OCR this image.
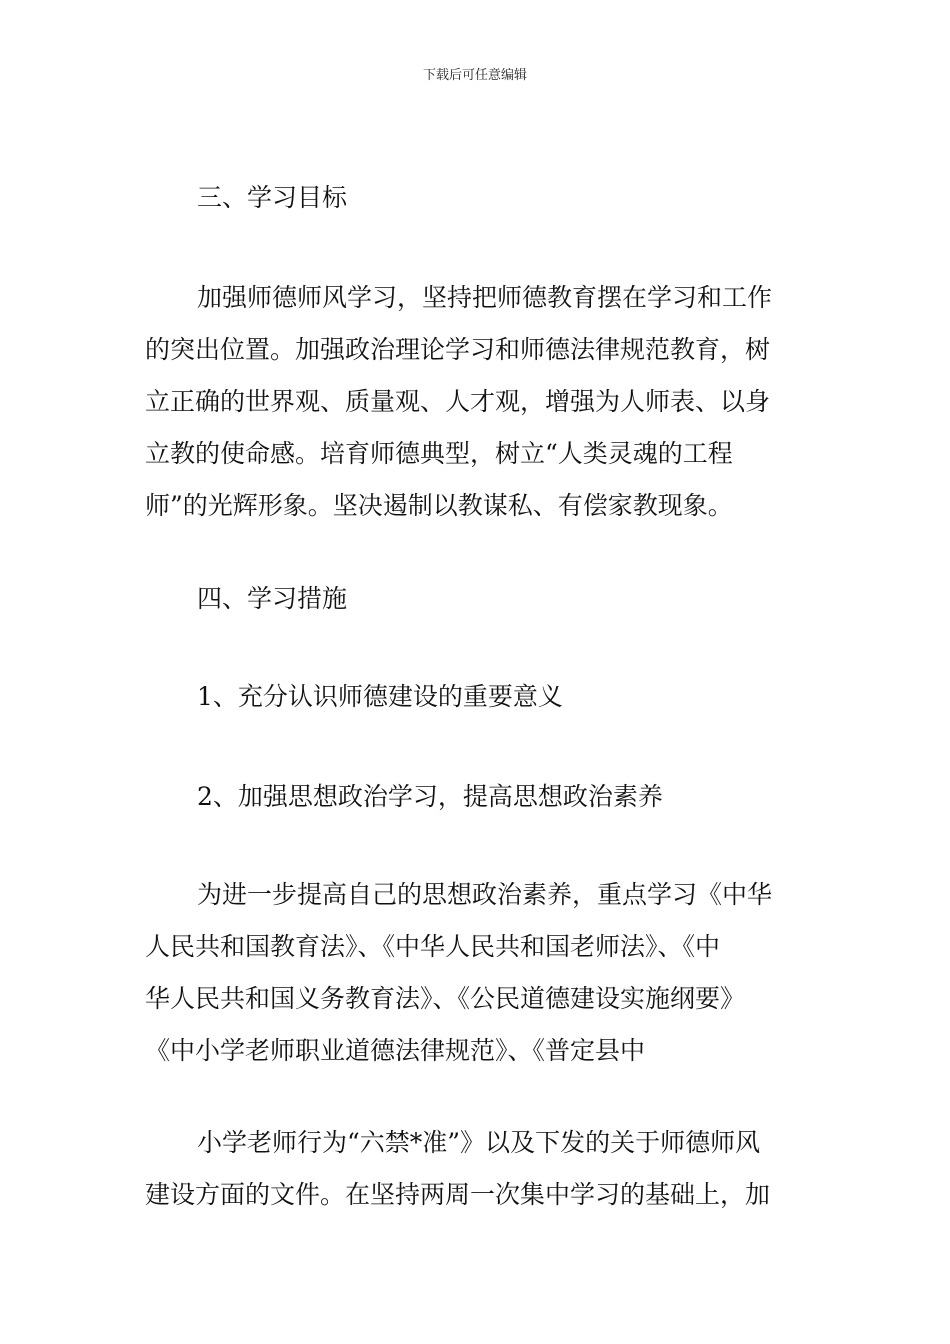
下载后可任意编辑
三、学习目标
加强师德师风学习，坚持把师德教育摆在学习和工作
的突出位置。加强政治理论学习和师德法律规范教育，树
立正确的世界观、质量观、人才观，增强为人师表、以身
立教的使命感。培育师德典型，树立“人类灵魂的工程
师”的光辉形象。坚决遏制以教谋私、有偿家教现象。
四、学习措施
1、充分认识师德建设的重要意义
2、加强思想政治学习，提高思想政治素养
为进一步提高自己的思想政治素养，重点学习《中华
人民共和国教育法》、《中华人民共和国老师法》、《中
华人民共和国义务教育法》、《公民道德建设实施纲要》
《中小学老师职业道德法律规范》、《普定县中
小学老师行为“六禁*准”》以及下发的关于师德师风
建设方面的文件。在坚持两周一次集中学习的基础上，加
